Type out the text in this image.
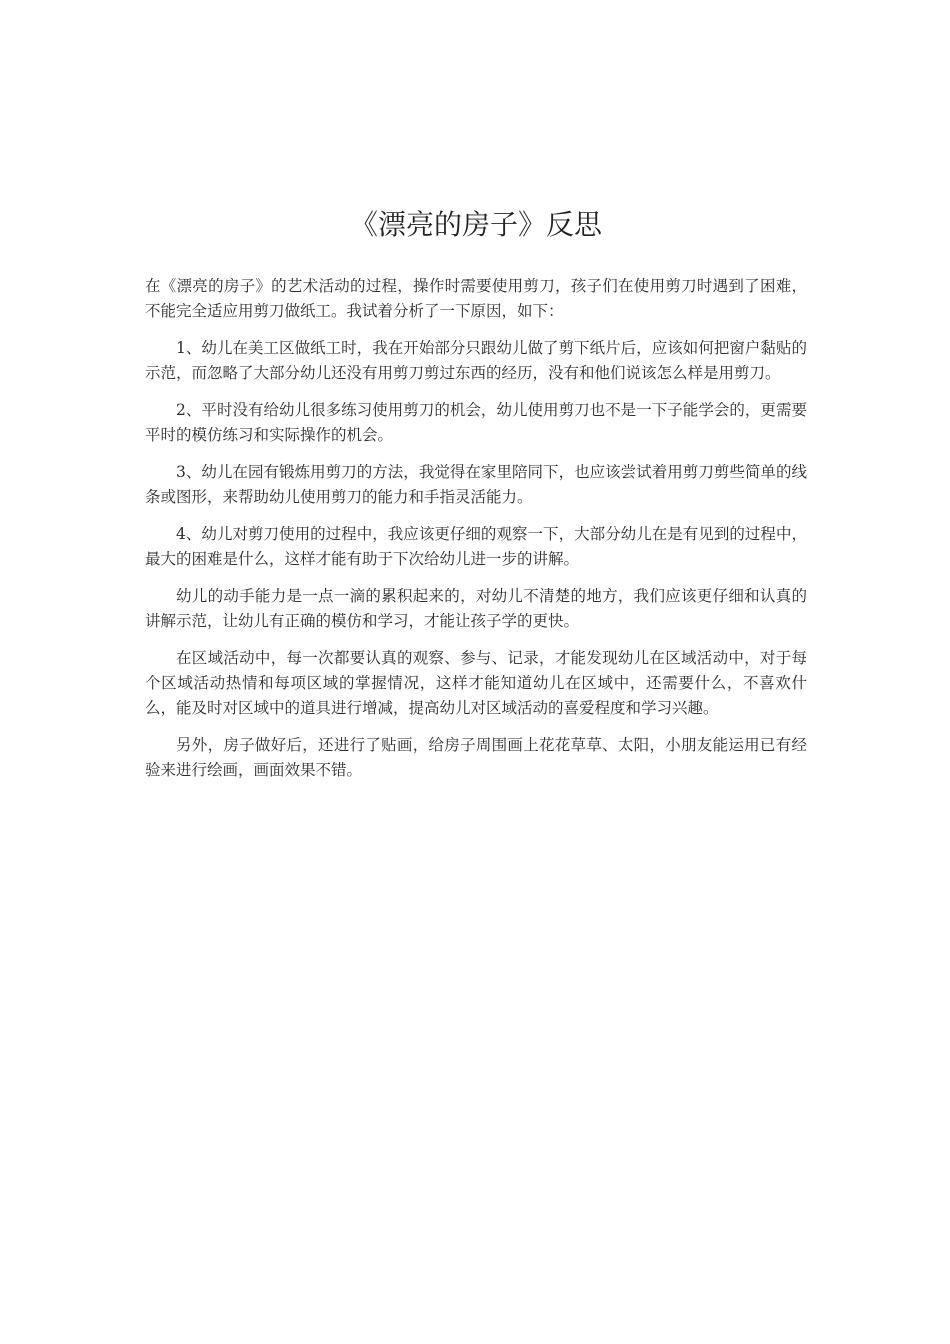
《漂亮的房子》反思

在《漂亮的房子》的艺术活动的过程，操作时需要使用剪刀，孩子们在使用剪刀时遇到了困难，不能完全适应用剪刀做纸工。我试着分析了一下原因，如下：

1、幼儿在美工区做纸工时，我在开始部分只跟幼儿做了剪下纸片后，应该如何把窗户黏贴的示范，而忽略了大部分幼儿还没有用剪刀剪过东西的经历，没有和他们说该怎么样是用剪刀。

2、平时没有给幼儿很多练习使用剪刀的机会，幼儿使用剪刀也不是一下子能学会的，更需要平时的模仿练习和实际操作的机会。

3、幼儿在园有锻炼用剪刀的方法，我觉得在家里陪同下，也应该尝试着用剪刀剪些简单的线条或图形，来帮助幼儿使用剪刀的能力和手指灵活能力。

4、幼儿对剪刀使用的过程中，我应该更仔细的观察一下，大部分幼儿在是有见到的过程中，最大的困难是什么，这样才能有助于下次给幼儿进一步的讲解。

幼儿的动手能力是一点一滴的累积起来的，对幼儿不清楚的地方，我们应该更仔细和认真的讲解示范，让幼儿有正确的模仿和学习，才能让孩子学的更快。

在区域活动中，每一次都要认真的观察、参与、记录，才能发现幼儿在区域活动中，对于每个区域活动热情和每项区域的掌握情况，这样才能知道幼儿在区域中，还需要什么，不喜欢什么，能及时对区域中的道具进行增减，提高幼儿对区域活动的喜爱程度和学习兴趣。

另外，房子做好后，还进行了贴画，给房子周围画上花花草草、太阳，小朋友能运用已有经验来进行绘画，画面效果不错。
